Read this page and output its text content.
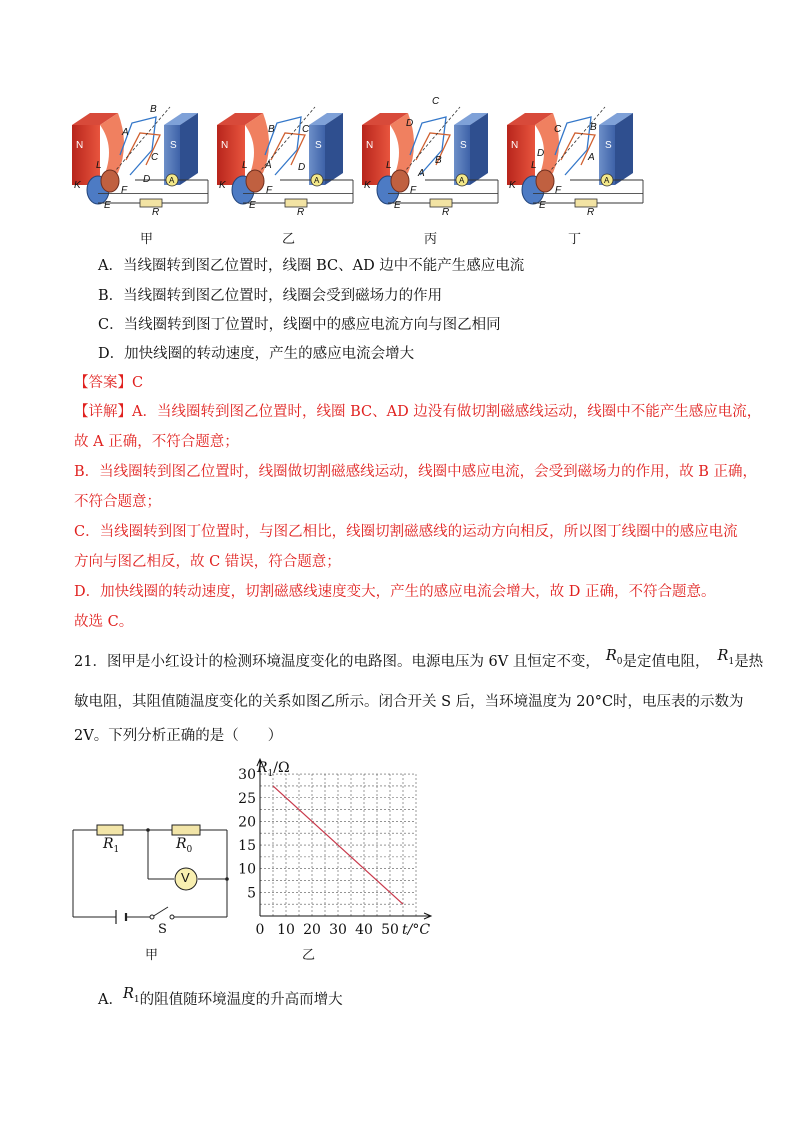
N	S
A
B
C
D
L
F
K
E
R
N	S
B	C
A	D
L
F
K
E
R
N	S
C
D
B
A
L
F
K
E
R
N	S
C	B
D	A
L
F
K
E
R
A	A	A	A
甲	乙	丙	丁
A．当线圈转到图乙位置时，线圈 BC、AD 边中不能产生感应电流
B．当线圈转到图乙位置时，线圈会受到磁场力的作用
C．当线圈转到图丁位置时，线圈中的感应电流方向与图乙相同
D．加快线圈的转动速度，产生的感应电流会增大
【答案】C
【详解】A．当线圈转到图乙位置时，线圈 BC、AD 边没有做切割磁感线运动，线圈中不能产生感应电流，
故 A 正确，不符合题意；
B．当线圈转到图乙位置时，线圈做切割磁感线运动，线圈中感应电流，会受到磁场力的作用，故 B 正确，
不符合题意；
C．当线圈转到图丁位置时，与图乙相比，线圈切割磁感线的运动方向相反，所以图丁线圈中的感应电流
方向与图乙相反，故 C 错误，符合题意；
D．加快线圈的转动速度，切割磁感线速度变大，产生的感应电流会增大，故 D 正确，不符合题意。
故选 C。
21．图甲是小红设计的检测环境温度变化的电路图。电源电压为 6V 且恒定不变， $R_0$是定值电阻， $R_1$是热
敏电阻，其阻值随温度变化的关系如图乙所示。闭合开关 S 后，当环境温度为 20°C时，电压表的示数为
2V。下列分析正确的是（　　）
$R_1$	$R_0$
V
S
甲
0 10 20 30 40 50
5
10
15
20
25
30 $R_1/\Omega$
t/°C
乙
A．$R_1$的阻值随环境温度的升高而增大
